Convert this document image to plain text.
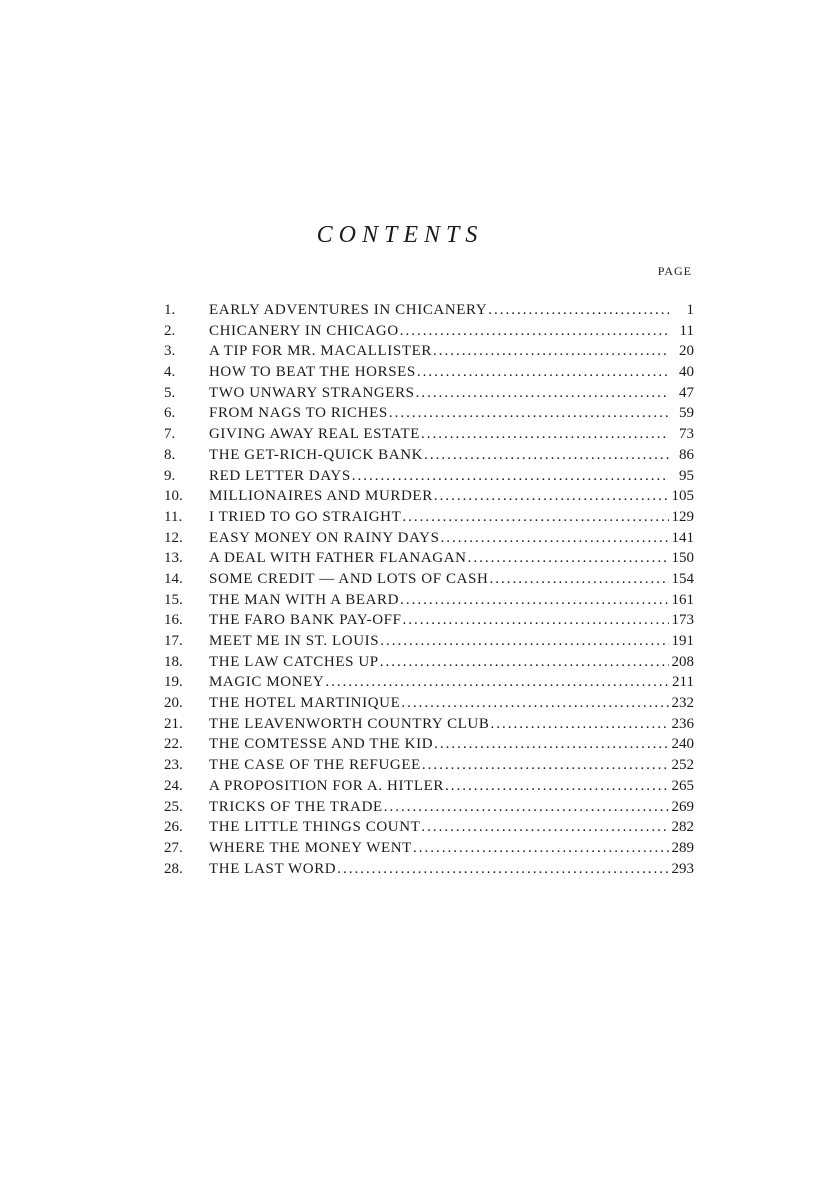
CONTENTS
PAGE
1.	EARLY ADVENTURES IN CHICANERY .....	1
2.	CHICANERY IN CHICAGO .....	11
3.	A TIP FOR MR. MACALLISTER .....	20
4.	HOW TO BEAT THE HORSES .....	40
5.	TWO UNWARY STRANGERS .....	47
6.	FROM NAGS TO RICHES .....	59
7.	GIVING AWAY REAL ESTATE .....	73
8.	THE GET-RICH-QUICK BANK .....	86
9.	RED LETTER DAYS .....	95
10.	MILLIONAIRES AND MURDER .....	105
11.	I TRIED TO GO STRAIGHT .....	129
12.	EASY MONEY ON RAINY DAYS .....	141
13.	A DEAL WITH FATHER FLANAGAN .....	150
14.	SOME CREDIT — AND LOTS OF CASH .....	154
15.	THE MAN WITH A BEARD .....	161
16.	THE FARO BANK PAY-OFF .....	173
17.	MEET ME IN ST. LOUIS .....	191
18.	THE LAW CATCHES UP .....	208
19.	MAGIC MONEY .....	211
20.	THE HOTEL MARTINIQUE .....	232
21.	THE LEAVENWORTH COUNTRY CLUB .....	236
22.	THE COMTESSE AND THE KID .....	240
23.	THE CASE OF THE REFUGEE .....	252
24.	A PROPOSITION FOR A. HITLER .....	265
25.	TRICKS OF THE TRADE .....	269
26.	THE LITTLE THINGS COUNT .....	282
27.	WHERE THE MONEY WENT .....	289
28.	THE LAST WORD .....	293
